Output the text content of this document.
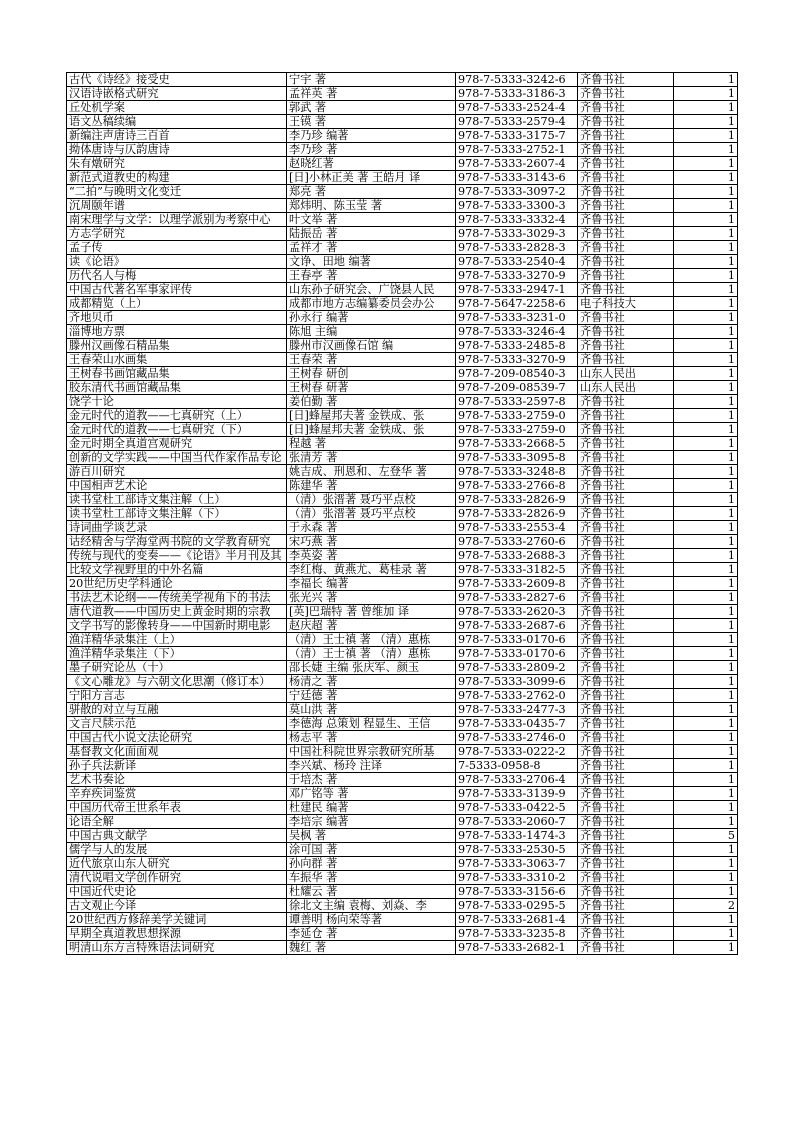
古代《诗经》接受史	宁宇 著	978-7-5333-3242-6	齐鲁书社	1
汉语诗嵌格式研究	孟祥英 著	978-7-5333-3186-3	齐鲁书社	1
丘处机学案	郭武 著	978-7-5333-2524-4	齐鲁书社	1
语文丛稿续编	王镆 著	978-7-5333-2579-4	齐鲁书社	1
新编注声唐诗三百首	李乃珍 编著	978-7-5333-3175-7	齐鲁书社	1
拗体唐诗与仄韵唐诗	李乃珍 著	978-7-5333-2752-1	齐鲁书社	1
朱有燉研究	赵晓红著	978-7-5333-2607-4	齐鲁书社	1
新范式道教史的构建	[日]小林正美 著 王皓月 译	978-7-5333-3143-6	齐鲁书社	1
“二拍”与晚明文化变迁	郑亮 著	978-7-5333-3097-2	齐鲁书社	1
沉周颐年谱	郑炜明、陈玉莹 著	978-7-5333-3300-3	齐鲁书社	1
南宋理学与文学：以理学派别为考察中心	叶文举 著	978-7-5333-3332-4	齐鲁书社	1
方志学研究	陆振岳 著	978-7-5333-3029-3	齐鲁书社	1
孟子传	孟祥才 著	978-7-5333-2828-3	齐鲁书社	1
读《论语》	文诤、田地 编著	978-7-5333-2540-4	齐鲁书社	1
历代名人与梅	王春亭 著	978-7-5333-3270-9	齐鲁书社	1
中国古代著名军事家评传	山东孙子研究会、广饶县人民	978-7-5333-2947-1	齐鲁书社	1
成都精览（上）	成都市地方志编纂委员会办公	978-7-5647-2258-6	电子科技大	1
齐地贝币	孙永行 编著	978-7-5333-3231-0	齐鲁书社	1
淄博地方票	陈旭 主编	978-7-5333-3246-4	齐鲁书社	1
滕州汉画像石精品集	滕州市汉画像石馆 编	978-7-5333-2485-8	齐鲁书社	1
王春荣山水画集	王春荣 著	978-7-5333-3270-9	齐鲁书社	1
王树春书画馆藏品集	王树春 研创	978-7-209-08540-3	山东人民出	1
胶东清代书画馆藏品集	王树春 研著	978-7-209-08539-7	山东人民出	1
饶学十论	姜伯勤 著	978-7-5333-2597-8	齐鲁书社	1
金元时代的道教——七真研究（上）	[日]蜂屋邦夫著 金铁成、张	978-7-5333-2759-0	齐鲁书社	1
金元时代的道教——七真研究（下）	[日]蜂屋邦夫著 金铁成、张	978-7-5333-2759-0	齐鲁书社	1
金元时期全真道宫观研究	程越 著	978-7-5333-2668-5	齐鲁书社	1
创新的文学实践——中国当代作家作品专论	张清芳 著	978-7-5333-3095-8	齐鲁书社	1
游百川研究	姚吉成、刑恩和、左登华 著	978-7-5333-3248-8	齐鲁书社	1
中国相声艺术论	陈建华 著	978-7-5333-2766-8	齐鲁书社	1
读书堂杜工部诗文集注解（上）	（清）张溍著 聂巧平点校	978-7-5333-2826-9	齐鲁书社	1
读书堂杜工部诗文集注解（下）	（清）张溍著 聂巧平点校	978-7-5333-2826-9	齐鲁书社	1
诗词曲学谈艺录	于永森 著	978-7-5333-2553-4	齐鲁书社	1
诂经精舍与学海堂两书院的文学教育研究	宋巧燕 著	978-7-5333-2760-6	齐鲁书社	1
传统与现代的变奏——《论语》半月刊及其	李英姿 著	978-7-5333-2688-3	齐鲁书社	1
比较文学视野里的中外名篇	李红梅、黄燕尤、葛桂录 著	978-7-5333-3182-5	齐鲁书社	1
20世纪历史学科通论	李福长 编著	978-7-5333-2609-8	齐鲁书社	1
书法艺术论纲——传统美学视角下的书法	张光兴 著	978-7-5333-2827-6	齐鲁书社	1
唐代道教——中国历史上黄金时期的宗教	[英]巴瑞特 著 曾维加 译	978-7-5333-2620-3	齐鲁书社	1
文学书写的影像转身——中国新时期电影	赵庆超 著	978-7-5333-2687-6	齐鲁书社	1
渔洋精华录集注（上）	（清）王士禛 著 （清）惠栋	978-7-5333-0170-6	齐鲁书社	1
渔洋精华录集注（下）	（清）王士禛 著 （清）惠栋	978-7-5333-0170-6	齐鲁书社	1
墨子研究论丛（十）	邵长婕 主编 张庆军、颜玉	978-7-5333-2809-2	齐鲁书社	1
《文心雕龙》与六朝文化思潮（修订本）	杨清之 著	978-7-5333-3099-6	齐鲁书社	1
宁阳方言志	宁廷德 著	978-7-5333-2762-0	齐鲁书社	1
骈散的对立与互融	莫山洪 著	978-7-5333-2477-3	齐鲁书社	1
文言尺牍示范	李德海 总策划 程显生、王信	978-7-5333-0435-7	齐鲁书社	1
中国古代小说文法论研究	杨志平 著	978-7-5333-2746-0	齐鲁书社	1
基督教文化面面观	中国社科院世界宗教研究所基	978-7-5333-0222-2	齐鲁书社	1
孙子兵法新译	李兴斌、杨玲 注译	7-5333-0958-8	齐鲁书社	1
艺术书奏论	于培杰 著	978-7-5333-2706-4	齐鲁书社	1
辛弃疾词鉴赏	邓广铭等 著	978-7-5333-3139-9	齐鲁书社	1
中国历代帝王世系年表	杜建民 编著	978-7-5333-0422-5	齐鲁书社	1
论语全解	李培宗 编著	978-7-5333-2060-7	齐鲁书社	1
中国古典文献学	吴枫 著	978-7-5333-1474-3	齐鲁书社	5
儒学与人的发展	涂可国 著	978-7-5333-2530-5	齐鲁书社	1
近代旅京山东人研究	孙向群 著	978-7-5333-3063-7	齐鲁书社	1
清代说唱文学创作研究	车振华 著	978-7-5333-3310-2	齐鲁书社	1
中国近代史论	杜耀云 著	978-7-5333-3156-6	齐鲁书社	1
古文观止今译	徐北文主编 袁梅、刘焱、李	978-7-5333-0295-5	齐鲁书社	2
20世纪西方修辞美学关键词	谭善明 杨向荣等著	978-7-5333-2681-4	齐鲁书社	1
早期全真道教思想探源	李延仓 著	978-7-5333-3235-8	齐鲁书社	1
明清山东方言特殊语法词研究	魏红 著	978-7-5333-2682-1	齐鲁书社	1
